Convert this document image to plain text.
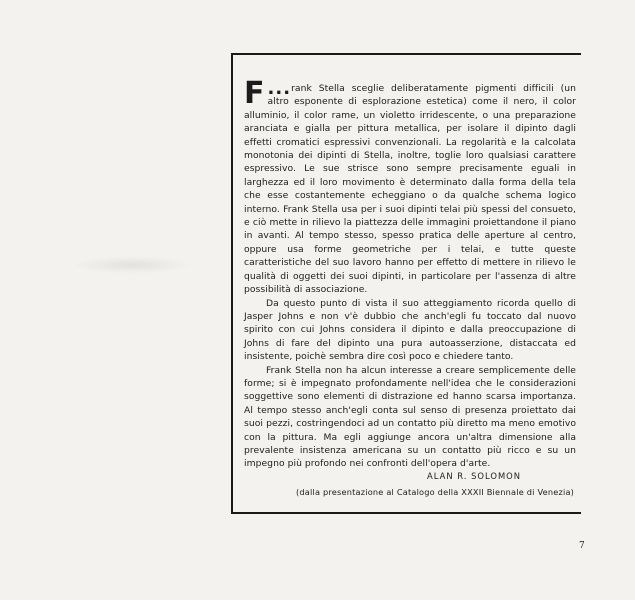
...
F	rank Stella sceglie deliberatamente pigmenti difficili (un altro esponente di esplorazione estetica) come il nero, il color alluminio, il color rame, un violetto irridescente, o una preparazione aranciata e gialla per pittura metallica, per isolare il dipinto dagli effetti cromatici espressivi convenzionali. La regolarità e la calcolata monotonia dei dipinti di Stella, inoltre, toglie loro qualsiasi carattere espressivo. Le sue strisce sono sempre precisamente eguali in larghezza ed il loro movimento è determinato dalla forma della tela che esse costantemente echeggiano o da qualche schema logico interno. Frank Stella usa per i suoi dipinti telai più spessi del consueto, e ciò mette in rilievo la piattezza delle immagini proiettandone il piano in avanti. Al tempo stesso, spesso pratica delle aperture al centro, oppure usa forme geometriche per i telai, e tutte queste caratteristiche del suo lavoro hanno per effetto di mettere in rilievo le qualità di oggetti dei suoi dipinti, in particolare per l'assenza di altre possibilità di associazione.

Da questo punto di vista il suo atteggiamento ricorda quello di Jasper Johns e non v'è dubbio che anch'egli fu toccato dal nuovo spirito con cui Johns considera il dipinto e dalla preoccupazione di Johns di fare del dipinto una pura autoasserzione, distaccata ed insistente, poichè sembra dire così poco e chiedere tanto.

Frank Stella non ha alcun interesse a creare semplicemente delle forme; si è impegnato profondamente nell'idea che le considerazioni soggettive sono elementi di distrazione ed hanno scarsa importanza. Al tempo stesso anch'egli conta sul senso di presenza proiettato dai suoi pezzi, costringendoci ad un contatto più diretto ma meno emotivo con la pittura. Ma egli aggiunge ancora un'altra dimensione alla prevalente insistenza americana su un contatto più ricco e su un impegno più profondo nei confronti dell'opera d'arte.

ALAN R. SOLOMON
(dalla presentazione al Catalogo della XXXII Biennale di Venezia)
7
